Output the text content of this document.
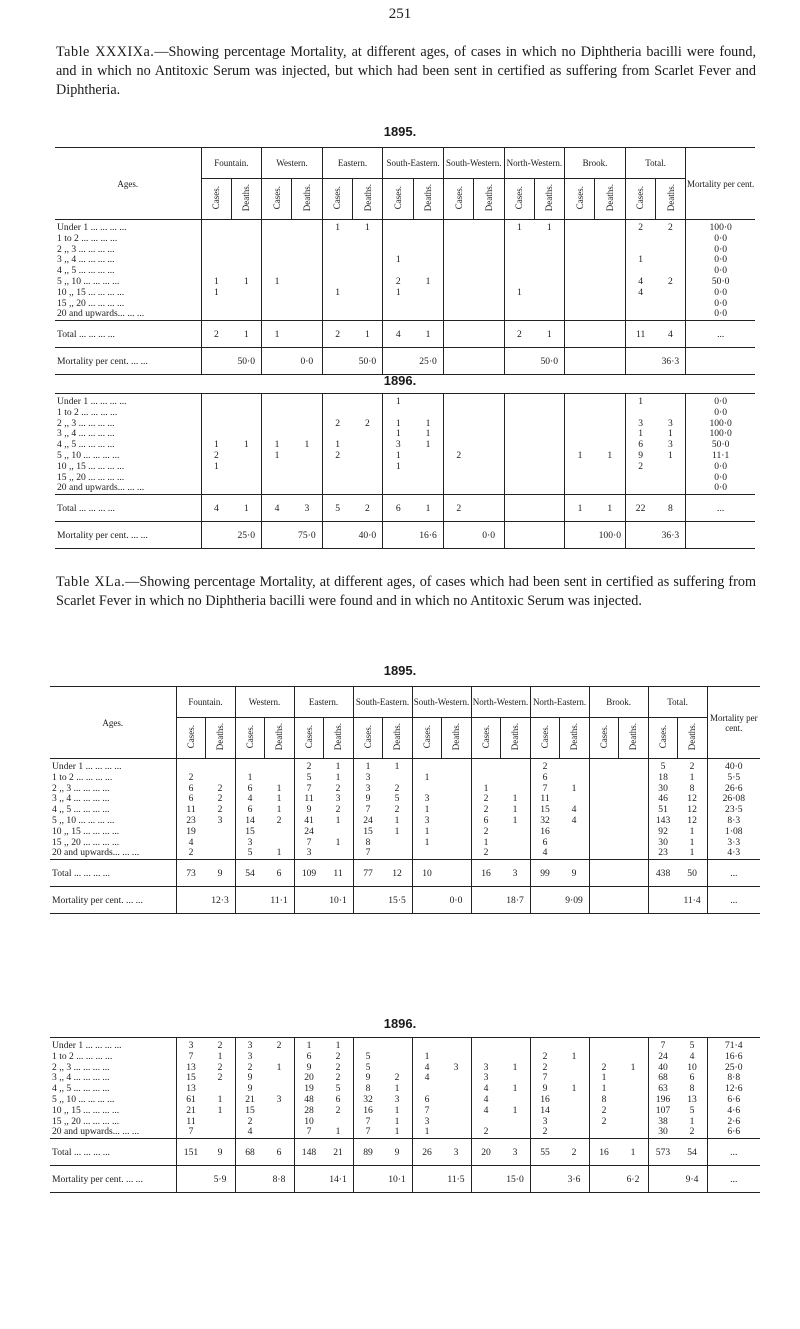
251
Table XXXIXa.—Showing percentage Mortality, at different ages, of cases in which no Diphtheria bacilli were found, and in which no Antitoxic Serum was injected, but which had been sent in certified as suffering from Scarlet Fever and Diphtheria.
1895.
Ages.	Fountain.		Western.		Eastern.		South-Eastern.		South-Western.		North-Western.		Brook.		Total.		Mortality per cent.
	Cases.	Deaths.	Cases.	Deaths.	Cases.	Deaths.	Cases.	Deaths.	Cases.	Deaths.	Cases.	Deaths.	Cases.	Deaths.	Cases.	Deaths.	
Under 1 ... ... ... ...					1	1					1	1			2	2	100·0
1 to 2 ... ... ... ...																	0·0
2 ,, 3 ... ... ... ...																	0·0
3 ,, 4 ... ... ... ...							1								1		0·0
4 ,, 5 ... ... ... ...																	0·0
5 ,, 10 ... ... ... ...	1	1	1				2	1							4	2	50·0
10 ,, 15 ... ... ... ...	1				1		1				1				4		0·0
15 ,, 20 ... ... ... ...																	0·0
20 and upwards... ... ...																	0·0
Total ... ... ... ...	2	1	1		2	1	4	1			2	1			11	4	...
Mortality per cent. ... ...		50·0		0·0		50·0		25·0				50·0				36·3	
1896.

Under 1 ... ... ... ...							1								1		0·0
1 to 2 ... ... ... ...																	0·0
2 ,, 3 ... ... ... ...					2	2	1	1							3	3	100·0
3 ,, 4 ... ... ... ...							1	1							1	1	100·0
4 ,, 5 ... ... ... ...	1	1	1	1	1		3	1							6	3	50·0
5 ,, 10 ... ... ... ...	2		1		2		1		2				1	1	9	1	11·1
10 ,, 15 ... ... ... ...	1						1								2		0·0
15 ,, 20 ... ... ... ...																	0·0
20 and upwards... ... ...																	0·0
Total ... ... ... ...	4	1	4	3	5	2	6	1	2				1	1	22	8	...
Mortality per cent. ... ...		25·0		75·0		40·0		16·6		0·0				100·0		36·3	
Table XLa.—Showing percentage Mortality, at different ages, of cases which had been sent in certified as suffering from Scarlet Fever in which no Diphtheria bacilli were found and in which no Antitoxic Serum was injected.
1895.
Ages.	Fountain.		Western.		Eastern.		South-Eastern.		South-Western.		North-Western.		North-Eastern.		Brook.		Total.		Mortality per cent.
	Cases.	Deaths.	Cases.	Deaths.	Cases.	Deaths.	Cases.	Deaths.	Cases.	Deaths.	Cases.	Deaths.	Cases.	Deaths.	Cases.	Deaths.	Cases.	Deaths.	
Under 1 ... ... ... ...					2	1	1	1					2				5	2	40·0
1 to 2 ... ... ... ...	2		1		5	1	3		1				6				18	1	5·5
2 ,, 3 ... ... ... ...	6	2	6	1	7	2	3	2			1		7	1			30	8	26·6
3 ,, 4 ... ... ... ...	6	2	4	1	11	3	9	5	3		2	1	11				46	12	26·08
4 ,, 5 ... ... ... ...	11	2	6	1	9	2	7	2	1		2	1	15	4			51	12	23·5
5 ,, 10 ... ... ... ...	23	3	14	2	41	1	24	1	3		6	1	32	4			143	12	8·3
10 ,, 15 ... ... ... ...	19		15		24		15	1	1		2		16				92	1	1·08
15 ,, 20 ... ... ... ...	4		3		7	1	8		1		1		6				30	1	3·3
20 and upwards... ... ...	2		5	1	3		7				2		4				23	1	4·3
Total ... ... ... ...	73	9	54	6	109	11	77	12	10		16	3	99	9			438	50	...
Mortality per cent. ... ...		12·3		11·1		10·1		15·5		0·0		18·7		9·09				11·4	...
1896.

Under 1 ... ... ... ...	3	2	3	2	1	1											7	5	71·4
1 to 2 ... ... ... ...	7	1	3		6	2	5		1				2	1			24	4	16·6
2 ,, 3 ... ... ... ...	13	2	2	1	9	2	5		4	3	3	1	2		2	1	40	10	25·0
3 ,, 4 ... ... ... ...	15	2	9		20	2	9	2	4		3		7		1		68	6	8·8
4 ,, 5 ... ... ... ...	13		9		19	5	8	1			4	1	9	1	1		63	8	12·6
5 ,, 10 ... ... ... ...	61	1	21	3	48	6	32	3	6		4		16		8		196	13	6·6
10 ,, 15 ... ... ... ...	21	1	15		28	2	16	1	7		4	1	14		2		107	5	4·6
15 ,, 20 ... ... ... ...	11		2		10		7	1	3				3		2		38	1	2·6
20 and upwards... ... ...	7		4		7	1	7	1	1		2		2				30	2	6·6
Total ... ... ... ...	151	9	68	6	148	21	89	9	26	3	20	3	55	2	16	1	573	54	...
Mortality per cent. ... ...		5·9		8·8		14·1		10·1		11·5		15·0		3·6		6·2		9·4	...
